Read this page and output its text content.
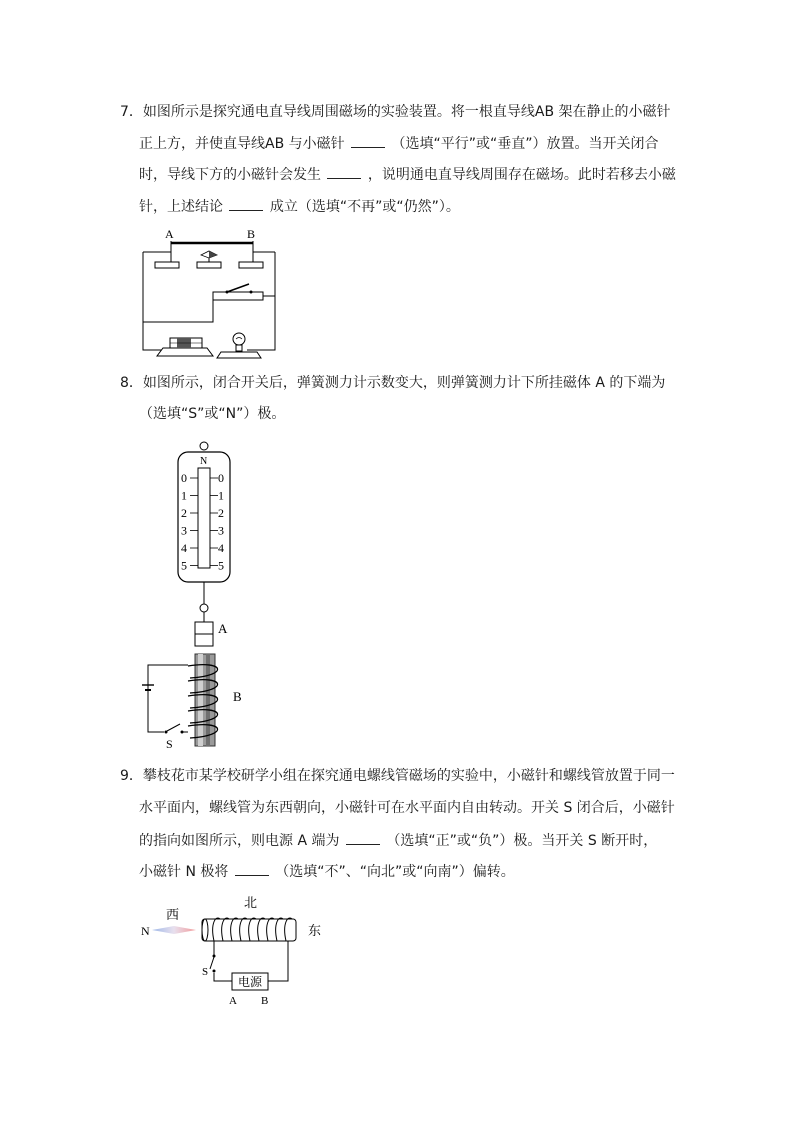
7．如图所示是探究通电直导线周围磁场的实验装置。将一根直导线AB 架在静止的小磁针
正上方，并使直导线AB 与小磁针	（选填“平行”或“垂直”）放置。当开关闭合
时，导线下方的小磁针会发生	，说明通电直导线周围存在磁场。此时若移去小磁
针，上述结论	成立（选填“不再”或“仍然”）。
A	B
8．如图所示，闭合开关后，弹簧测力计示数变大，则弹簧测力计下所挂磁体 A 的下端为
（选填“S”或“N”）极。
N
0
1
2
3
4
5
0
1
2
3
4
5
A
B
S
9．攀枝花市某学校研学小组在探究通电螺线管磁场的实验中，小磁针和螺线管放置于同一
水平面内，螺线管为东西朝向，小磁针可在水平面内自由转动。开关 S 闭合后，小磁针
的指向如图所示，则电源 A 端为	（选填“正”或“负”）极。当开关 S 断开时，
小磁针 N 极将	（选填“不”、“向北”或“向南”）偏转。
北
西
东
N
S
电源
A B
